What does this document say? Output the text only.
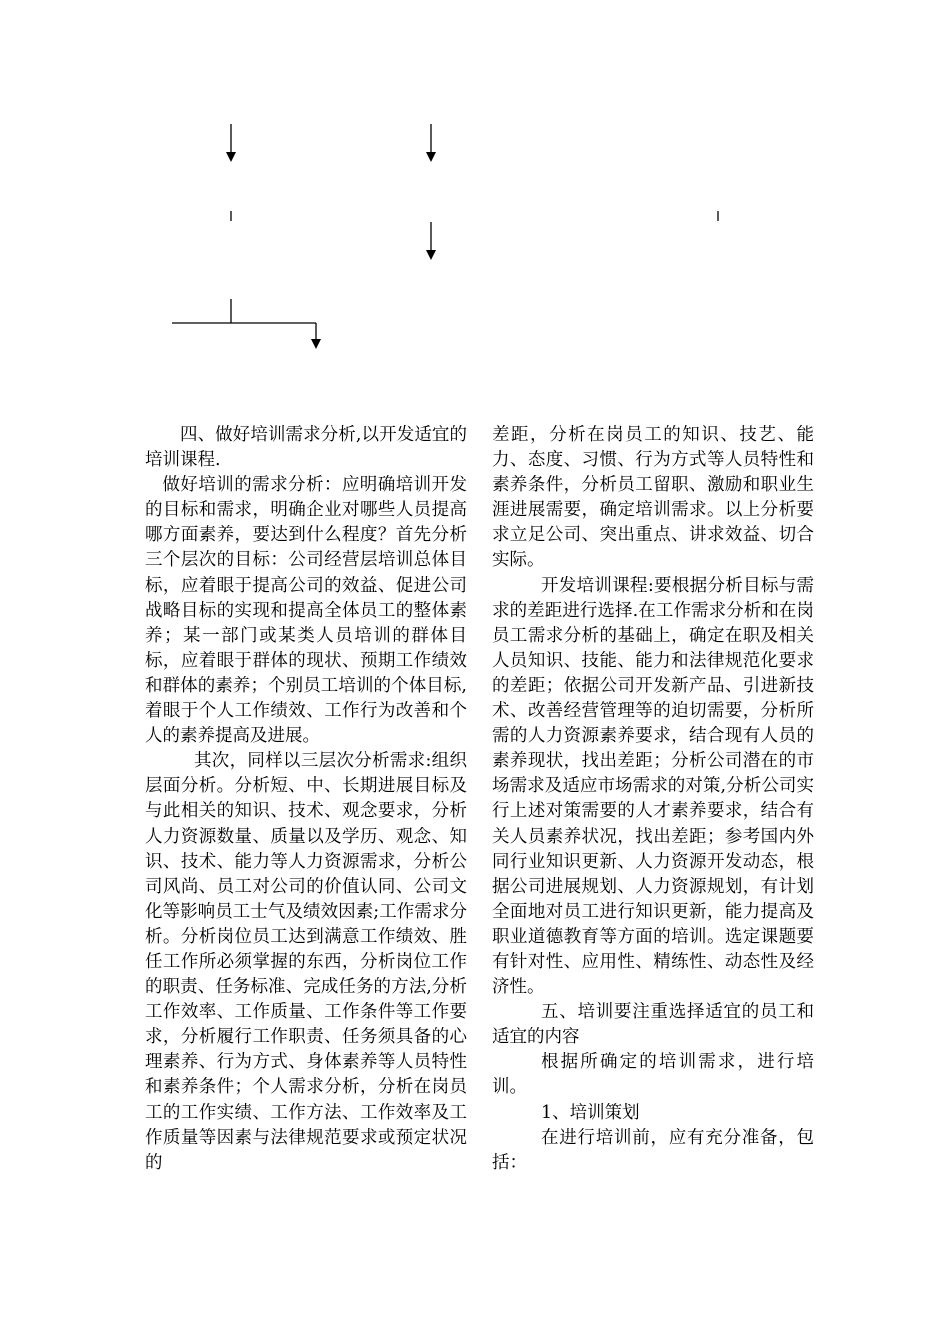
四、做好培训需求分析,以开发适宜的培训课程.

做好培训的需求分析：应明确培训开发的目标和需求，明确企业对哪些人员提高哪方面素养，要达到什么程度？首先分析三个层次的目标：公司经营层培训总体目标，应着眼于提高公司的效益、促进公司战略目标的实现和提高全体员工的整体素养；某一部门或某类人员培训的群体目标，应着眼于群体的现状、预期工作绩效和群体的素养；个别员工培训的个体目标,着眼于个人工作绩效、工作行为改善和个人的素养提高及进展。

其次，同样以三层次分析需求:组织层面分析。分析短、中、长期进展目标及与此相关的知识、技术、观念要求，分析人力资源数量、质量以及学历、观念、知识、技术、能力等人力资源需求，分析公司风尚、员工对公司的价值认同、公司文化等影响员工士气及绩效因素;工作需求分析。分析岗位员工达到满意工作绩效、胜任工作所必须掌握的东西，分析岗位工作的职责、任务标准、完成任务的方法,分析工作效率、工作质量、工作条件等工作要求，分析履行工作职责、任务须具备的心理素养、行为方式、身体素养等人员特性和素养条件；个人需求分析，分析在岗员工的工作实绩、工作方法、工作效率及工作质量等因素与法律规范要求或预定状况的

差距，分析在岗员工的知识、技艺、能力、态度、习惯、行为方式等人员特性和素养条件，分析员工留职、激励和职业生涯进展需要，确定培训需求。以上分析要求立足公司、突出重点、讲求效益、切合实际。

开发培训课程:要根据分析目标与需求的差距进行选择.在工作需求分析和在岗员工需求分析的基础上，确定在职及相关人员知识、技能、能力和法律规范化要求的差距；依据公司开发新产品、引进新技术、改善经营管理等的迫切需要，分析所需的人力资源素养要求，结合现有人员的素养现状，找出差距；分析公司潜在的市场需求及适应市场需求的对策,分析公司实行上述对策需要的人才素养要求，结合有关人员素养状况，找出差距；参考国内外同行业知识更新、人力资源开发动态，根据公司进展规划、人力资源规划，有计划全面地对员工进行知识更新，能力提高及职业道德教育等方面的培训。选定课题要有针对性、应用性、精练性、动态性及经济性。

五、培训要注重选择适宜的员工和适宜的内容

根据所确定的培训需求，进行培训。

1、培训策划

在进行培训前，应有充分准备，包括：
